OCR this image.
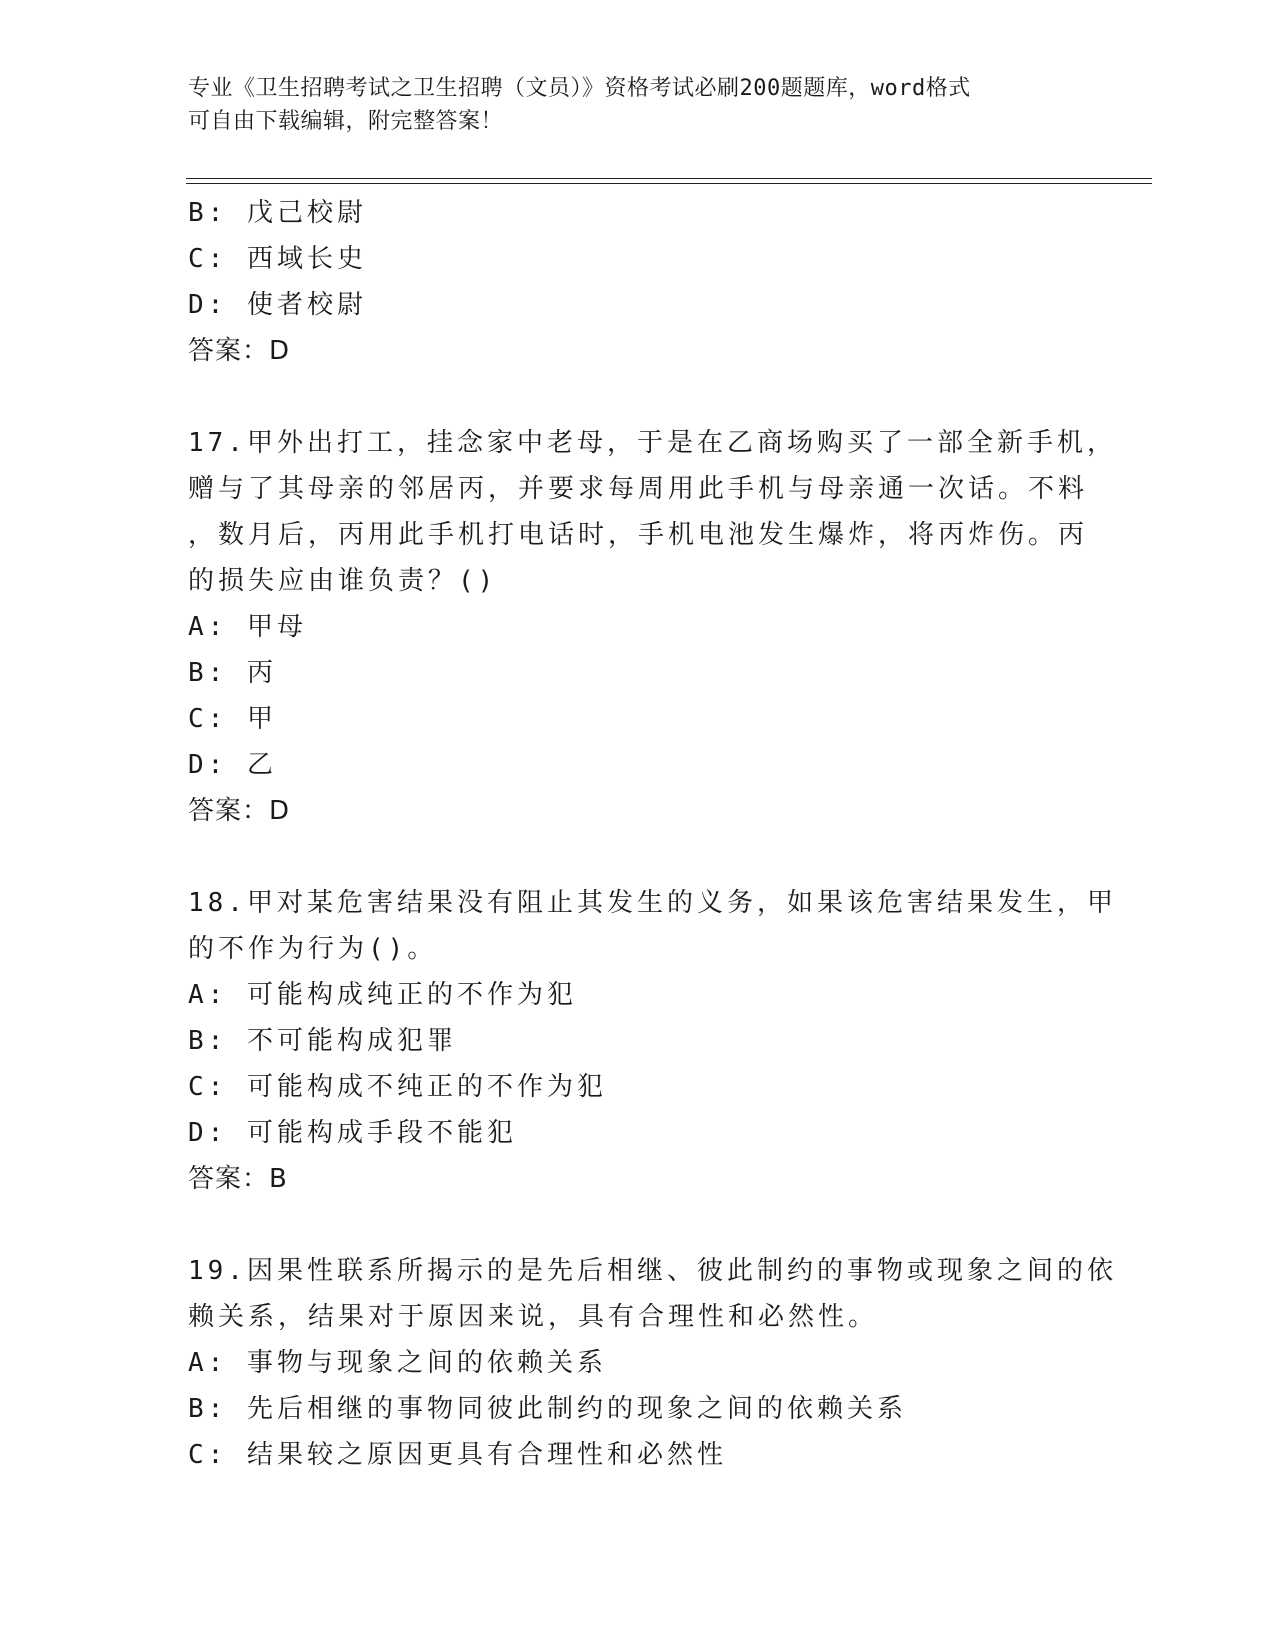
专业《卫生招聘考试之卫生招聘（文员）》资格考试必刷200题题库，word格式
可自由下载编辑，附完整答案！
B: 戊己校尉
C: 西域长史
D: 使者校尉
答案：D
17.甲外出打工，挂念家中老母，于是在乙商场购买了一部全新手机，
赠与了其母亲的邻居丙，并要求每周用此手机与母亲通一次话。不料
，数月后，丙用此手机打电话时，手机电池发生爆炸，将丙炸伤。丙
的损失应由谁负责？()
A: 甲母
B: 丙
C: 甲
D: 乙
答案：D
18.甲对某危害结果没有阻止其发生的义务，如果该危害结果发生，甲
的不作为行为()。
A: 可能构成纯正的不作为犯
B: 不可能构成犯罪
C: 可能构成不纯正的不作为犯
D: 可能构成手段不能犯
答案：B
19.因果性联系所揭示的是先后相继、彼此制约的事物或现象之间的依
赖关系，结果对于原因来说，具有合理性和必然性。
A: 事物与现象之间的依赖关系
B: 先后相继的事物同彼此制约的现象之间的依赖关系
C: 结果较之原因更具有合理性和必然性
